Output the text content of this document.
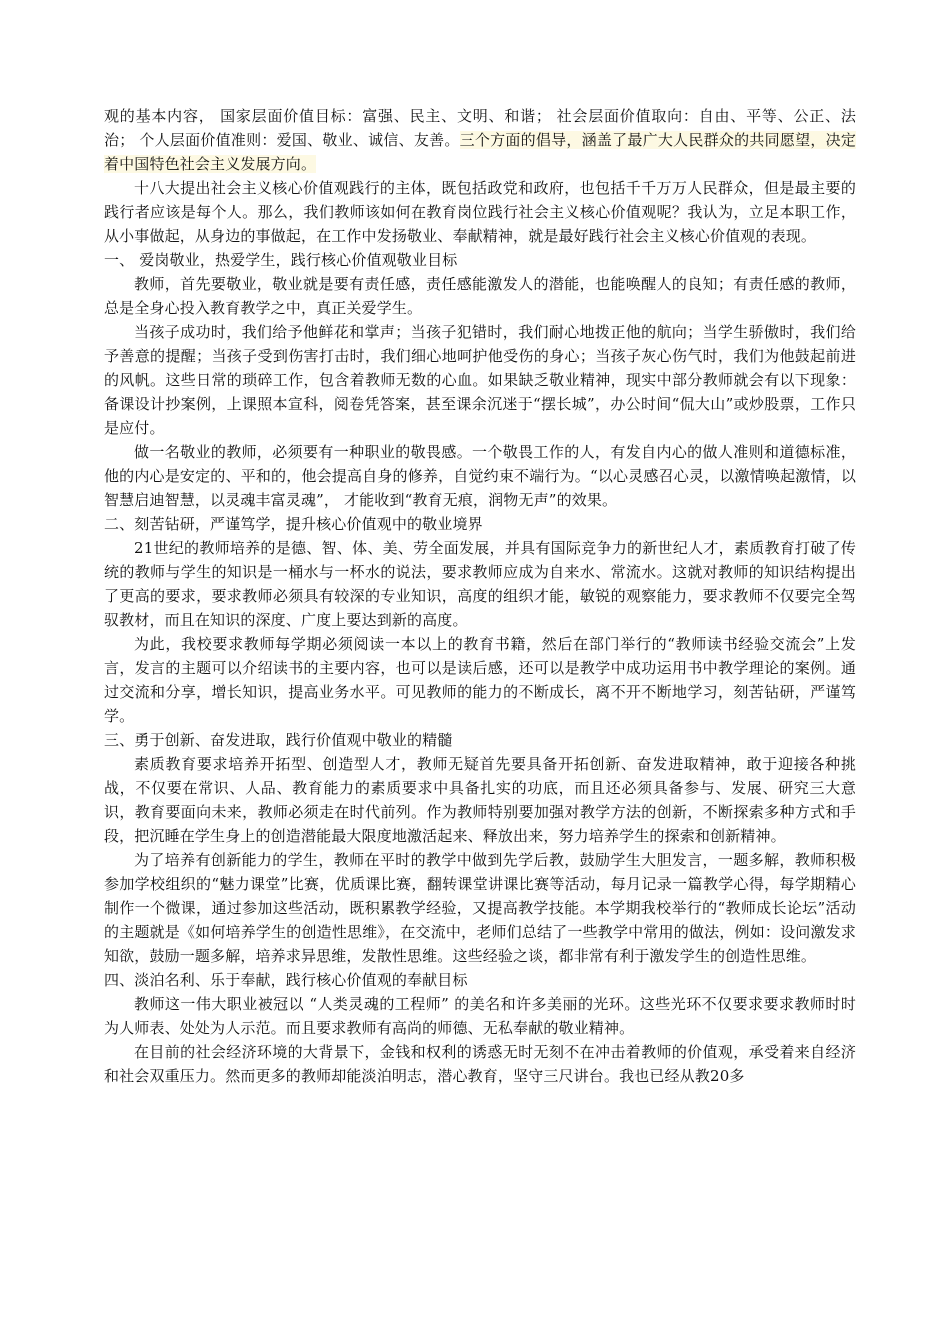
观的基本内容， 国家层面价值目标：富强、民主、文明、和谐； 社会层面价值取向：自由、平等、公正、法治； 个人层面价值准则：爱国、敬业、诚信、友善。三个方面的倡导，涵盖了最广大人民群众的共同愿望，决定着中国特色社会主义发展方向。

十八大提出社会主义核心价值观践行的主体，既包括政党和政府，也包括千千万万人民群众，但是最主要的践行者应该是每个人。那么，我们教师该如何在教育岗位践行社会主义核心价值观呢？我认为，立足本职工作，从小事做起，从身边的事做起，在工作中发扬敬业、奉献精神，就是最好践行社会主义核心价值观的表现。

一、 爱岗敬业，热爱学生，践行核心价值观敬业目标

教师，首先要敬业，敬业就是要有责任感，责任感能激发人的潜能，也能唤醒人的良知；有责任感的教师， 总是全身心投入教育教学之中，真正关爱学生。

当孩子成功时，我们给予他鲜花和掌声；当孩子犯错时，我们耐心地拨正他的航向；当学生骄傲时，我们给予善意的提醒；当孩子受到伤害打击时，我们细心地呵护他受伤的身心；当孩子灰心伤气时，我们为他鼓起前进的风帆。这些日常的琐碎工作，包含着教师无数的心血。如果缺乏敬业精神，现实中部分教师就会有以下现象：备课设计抄案例，上课照本宣科，阅卷凭答案，甚至课余沉迷于“摆长城”，办公时间“侃大山”或炒股票，工作只是应付。

做一名敬业的教师，必须要有一种职业的敬畏感。一个敬畏工作的人，有发自内心的做人准则和道德标准，他的内心是安定的、平和的，他会提高自身的修养，自觉约束不端行为。“以心灵感召心灵，以激情唤起激情，以智慧启迪智慧，以灵魂丰富灵魂”， 才能收到“教育无痕，润物无声”的效果。

二、刻苦钻研，严谨笃学，提升核心价值观中的敬业境界

21世纪的教师培养的是德、智、体、美、劳全面发展，并具有国际竞争力的新世纪人才，素质教育打破了传统的教师与学生的知识是一桶水与一杯水的说法，要求教师应成为自来水、常流水。这就对教师的知识结构提出了更高的要求，要求教师必须具有较深的专业知识，高度的组织才能，敏锐的观察能力，要求教师不仅要完全驾驭教材，而且在知识的深度、广度上要达到新的高度。

为此，我校要求教师每学期必须阅读一本以上的教育书籍，然后在部门举行的“教师读书经验交流会”上发言，发言的主题可以介绍读书的主要内容，也可以是读后感，还可以是教学中成功运用书中教学理论的案例。通过交流和分享，增长知识，提高业务水平。可见教师的能力的不断成长，离不开不断地学习，刻苦钻研，严谨笃学。

三、勇于创新、奋发进取，践行价值观中敬业的精髓

素质教育要求培养开拓型、创造型人才，教师无疑首先要具备开拓创新、奋发进取精神，敢于迎接各种挑战，不仅要在常识、人品、教育能力的素质要求中具备扎实的功底，而且还必须具备参与、发展、研究三大意识，教育要面向未来，教师必须走在时代前列。作为教师特别要加强对教学方法的创新，不断探索多种方式和手段，把沉睡在学生身上的创造潜能最大限度地激活起来、释放出来，努力培养学生的探索和创新精神。

为了培养有创新能力的学生，教师在平时的教学中做到先学后教，鼓励学生大胆发言，一题多解，教师积极参加学校组织的“魅力课堂”比赛，优质课比赛，翻转课堂讲课比赛等活动，每月记录一篇教学心得，每学期精心制作一个微课，通过参加这些活动，既积累教学经验，又提高教学技能。本学期我校举行的“教师成长论坛”活动的主题就是《如何培养学生的创造性思维》，在交流中，老师们总结了一些教学中常用的做法，例如：设问激发求知欲，鼓励一题多解，培养求异思维，发散性思维。这些经验之谈，都非常有利于激发学生的创造性思维。

四、淡泊名利、乐于奉献，践行核心价值观的奉献目标

教师这一伟大职业被冠以 “人类灵魂的工程师” 的美名和许多美丽的光环。这些光环不仅要求要求教师时时为人师表、处处为人示范。而且要求教师有高尚的师德、无私奉献的敬业精神。

在目前的社会经济环境的大背景下，金钱和权利的诱惑无时无刻不在冲击着教师的价值观，承受着来自经济和社会双重压力。然而更多的教师却能淡泊明志，潜心教育，坚守三尺讲台。我也已经从教20多
